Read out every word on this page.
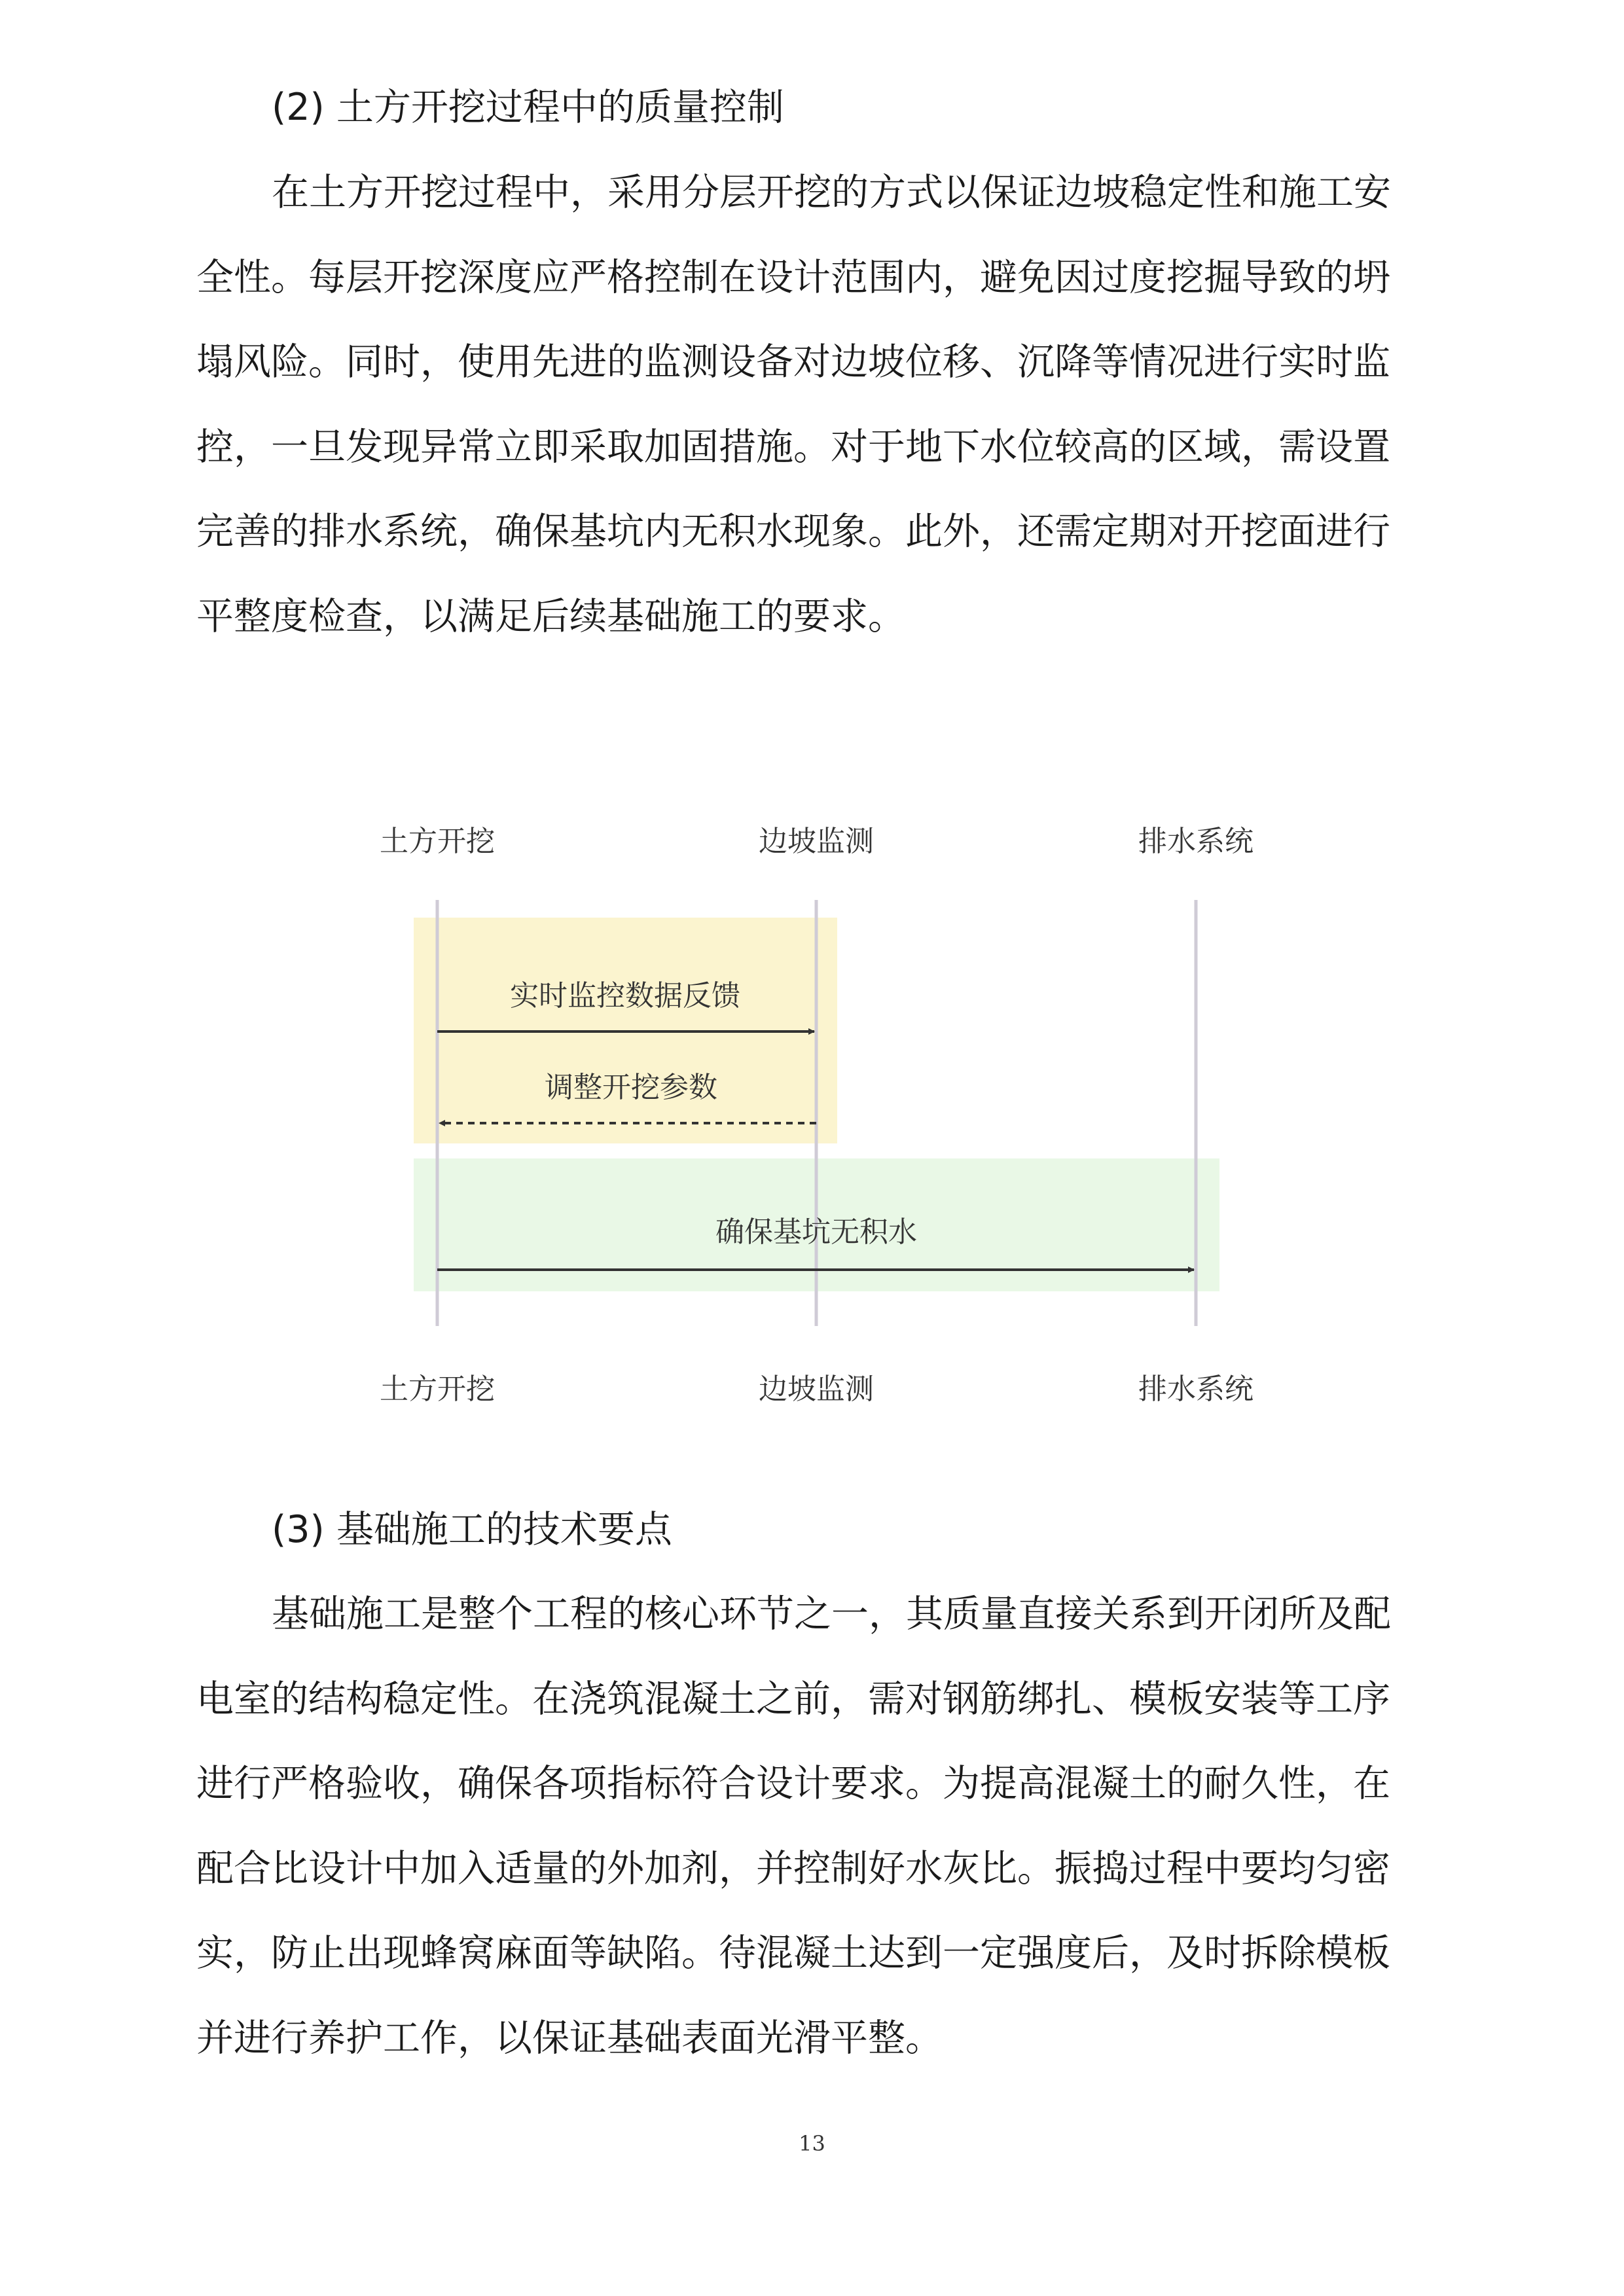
(2) 土方开挖过程中的质量控制
在土方开挖过程中，采用分层开挖的方式以保证边坡稳定性和施工安
全性。每层开挖深度应严格控制在设计范围内，避免因过度挖掘导致的坍
塌风险。同时，使用先进的监测设备对边坡位移、沉降等情况进行实时监
控，一旦发现异常立即采取加固措施。对于地下水位较高的区域，需设置
完善的排水系统，确保基坑内无积水现象。此外，还需定期对开挖面进行
平整度检查，以满足后续基础施工的要求。
土方开挖	边坡监测	排水系统
土方开挖	边坡监测	排水系统
实时监控数据反馈
调整开挖参数
确保基坑无积水
(3) 基础施工的技术要点
基础施工是整个工程的核心环节之一，其质量直接关系到开闭所及配
电室的结构稳定性。在浇筑混凝土之前，需对钢筋绑扎、模板安装等工序
进行严格验收，确保各项指标符合设计要求。为提高混凝土的耐久性，在
配合比设计中加入适量的外加剂，并控制好水灰比。振捣过程中要均匀密
实，防止出现蜂窝麻面等缺陷。待混凝土达到一定强度后，及时拆除模板
并进行养护工作，以保证基础表面光滑平整。
13
